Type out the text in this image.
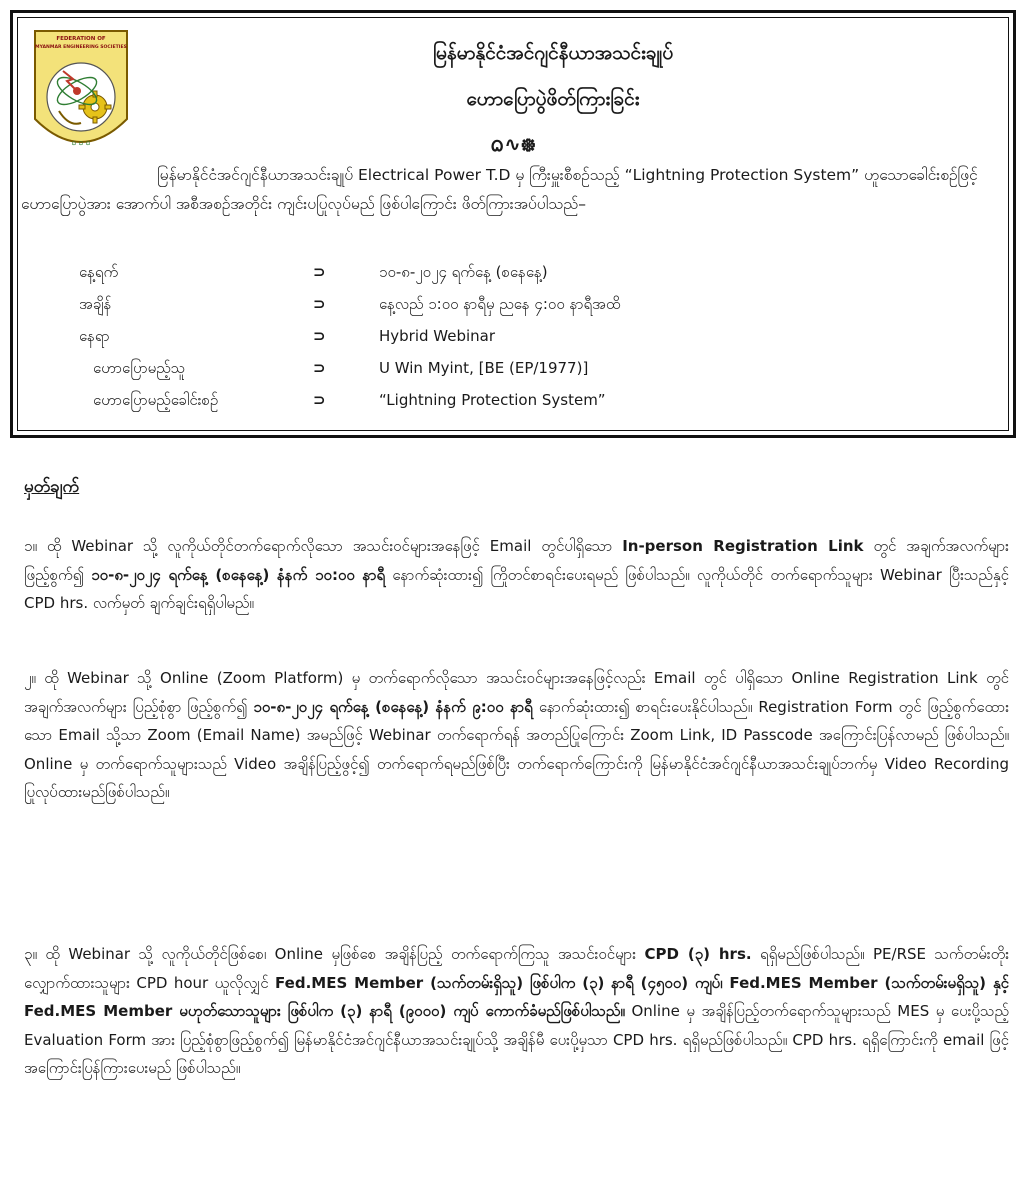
FEDERATION OF
MYANMAR ENGINEERING SOCIETIES
ᨵ ᨵ ᨵ
မြန်မာနိုင်ငံအင်ဂျင်နီယာအသင်းချုပ်
ဟောပြောပွဲဖိတ်ကြားခြင်း
ᨵ∿᪥
မြန်မာနိုင်ငံအင်ဂျင်နီယာအသင်းချုပ် Electrical Power T.D မှ ကြီးမှူးစီစဉ်သည့် “Lightning Protection System” ဟူသောခေါင်းစဉ်ဖြင့် ဟောပြောပွဲအား အောက်ပါ အစီအစဉ်အတိုင်း ကျင်းပပြုလုပ်မည် ဖြစ်ပါကြောင်း ဖိတ်ကြားအပ်ပါသည်–
နေ့ရက်	⊃	၁၀-၈-၂၀၂၄ ရက်နေ့ (စနေနေ့)
အချိန်	⊃	နေ့လည် ၁:၀၀ နာရီမှ ညနေ ၄:၀၀ နာရီအထိ
နေရာ	⊃	Hybrid Webinar
ဟောပြောမည့်သူ	⊃	U Win Myint, [BE (EP/1977)]
ဟောပြောမည့်ခေါင်းစဉ်	⊃	“Lightning Protection System”
မှတ်ချက်
၁။ ထို Webinar သို့ လူကိုယ်တိုင်တက်ရောက်လိုသော အသင်းဝင်များအနေဖြင့် Email တွင်ပါရှိသော In-person Registration Link တွင် အချက်အလက်များ ဖြည့်စွက်၍ ၁၀-၈-၂၀၂၄ ရက်နေ့ (စနေနေ့) နံနက် ၁၀:၀၀ နာရီ နောက်ဆုံးထား၍ ကြိုတင်စာရင်းပေးရမည် ဖြစ်ပါသည်။ လူကိုယ်တိုင် တက်ရောက်သူများ Webinar ပြီးသည်နှင့် CPD hrs. လက်မှတ် ချက်ချင်းရရှိပါမည်။
၂။ ထို Webinar သို့ Online (Zoom Platform) မှ တက်ရောက်လိုသော အသင်းဝင်များအနေဖြင့်လည်း Email တွင် ပါရှိသော Online Registration Link တွင် အချက်အလက်များ ပြည့်စုံစွာ ဖြည့်စွက်၍ ၁၀-၈-၂၀၂၄ ရက်နေ့ (စနေနေ့) နံနက် ၉:၀၀ နာရီ နောက်ဆုံးထား၍ စာရင်းပေးနိုင်ပါသည်။ Registration Form တွင် ဖြည့်စွက်ထေားသော Email သို့သာ Zoom (Email Name) အမည်ဖြင့် Webinar တက်ရောက်ရန် အတည်ပြုကြောင်း Zoom Link, ID Passcode အကြောင်းပြန်လာမည် ဖြစ်ပါသည်။ Online မှ တက်ရောက်သူများသည် Video အချိန်ပြည့်ဖွင့်၍ တက်ရောက်ရမည်ဖြစ်ပြီး တက်ရောက်ကြောင်းကို မြန်မာနိုင်ငံအင်ဂျင်နီယာအသင်းချုပ်ဘက်မှ Video Recording ပြုလုပ်ထားမည်ဖြစ်ပါသည်။
၃။ ထို Webinar သို့ လူကိုယ်တိုင်ဖြစ်စေ၊ Online မှဖြစ်စေ အချိန်ပြည့် တက်ရောက်ကြသူ အသင်းဝင်များ CPD (၃) hrs. ရရှိမည်ဖြစ်ပါသည်။ PE/RSE သက်တမ်းတိုးလျှောက်ထားသူများ CPD hour ယူလိုလျှင် Fed.MES Member (သက်တမ်းရှိသူ) ဖြစ်ပါက (၃) နာရီ (၄၅၀၀) ကျပ်၊ Fed.MES Member (သက်တမ်းမရှိသူ) နှင့် Fed.MES Member မဟုတ်သောသူများ ဖြစ်ပါက (၃) နာရီ (၉၀၀၀) ကျပ် ကောက်ခံမည်ဖြစ်ပါသည်။ Online မှ အချိန်ပြည့်တက်ရောက်သူများသည် MES မှ ပေးပို့သည့် Evaluation Form အား ပြည့်စုံစွာဖြည့်စွက်၍ မြန်မာနိုင်ငံအင်ဂျင်နီယာအသင်းချုပ်သို့ အချိန်မီ ပေးပို့မှသာ CPD hrs. ရရှိမည်ဖြစ်ပါသည်။ CPD hrs. ရရှိကြောင်းကို email ဖြင့် အကြောင်းပြန်ကြားပေးမည် ဖြစ်ပါသည်။
